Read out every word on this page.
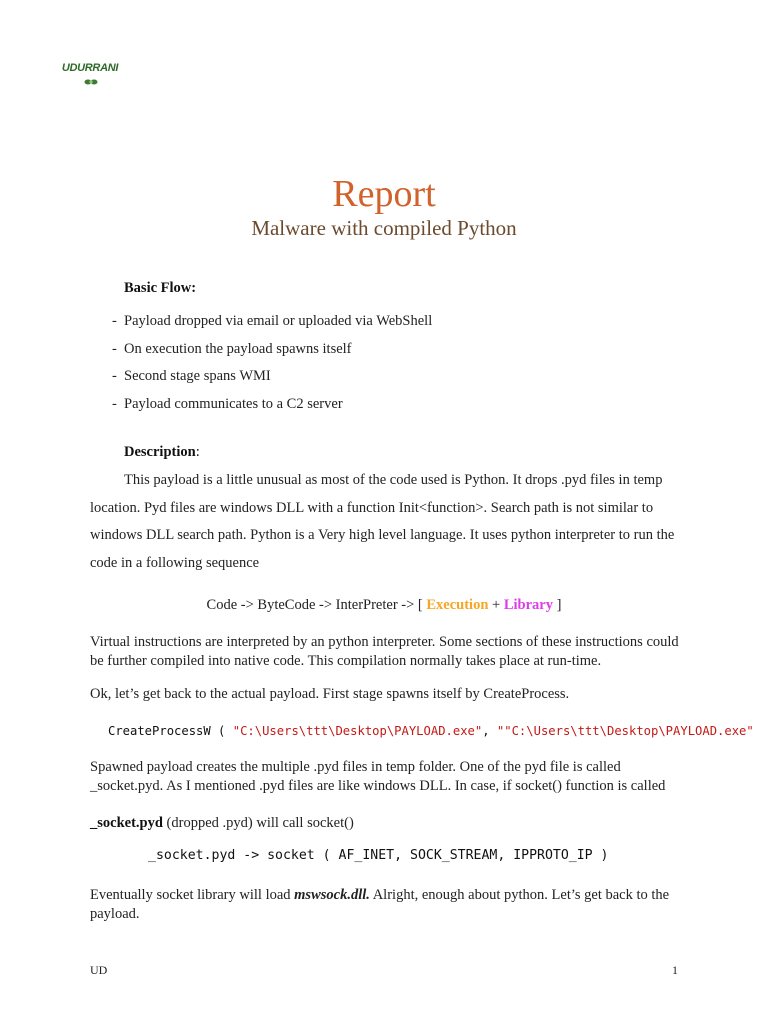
UDURRANI
Report
Malware with compiled Python
Basic Flow:
- Payload dropped via email or uploaded via WebShell
- On execution the payload spawns itself
- Second stage spans WMI
- Payload communicates to a C2 server
Description:
This payload is a little unusual as most of the code used is Python. It drops .pyd files in temp location. Pyd files are windows DLL with a function Init<function>. Search path is not similar to windows DLL search path. Python is a Very high level language. It uses python interpreter to run the code in a following sequence
Code -> ByteCode -> InterPreter -> [ Execution + Library ]
Virtual instructions are interpreted by an python interpreter. Some sections of these instructions could be further compiled into native code. This compilation normally takes place at run-time.
Ok, let’s get back to the actual payload. First stage spawns itself by CreateProcess.
CreateProcessW ( "C:\Users\ttt\Desktop\PAYLOAD.exe", ""C:\Users\ttt\Desktop\PAYLOAD.exe"
Spawned payload creates the multiple .pyd files in temp folder. One of the pyd file is called _socket.pyd. As I mentioned .pyd files are like windows DLL. In case, if socket() function is called
_socket.pyd (dropped .pyd) will call socket()
_socket.pyd -> socket ( AF_INET, SOCK_STREAM, IPPROTO_IP )
Eventually socket library will load mswsock.dll. Alright, enough about python. Let’s get back to the payload.
UD	1
